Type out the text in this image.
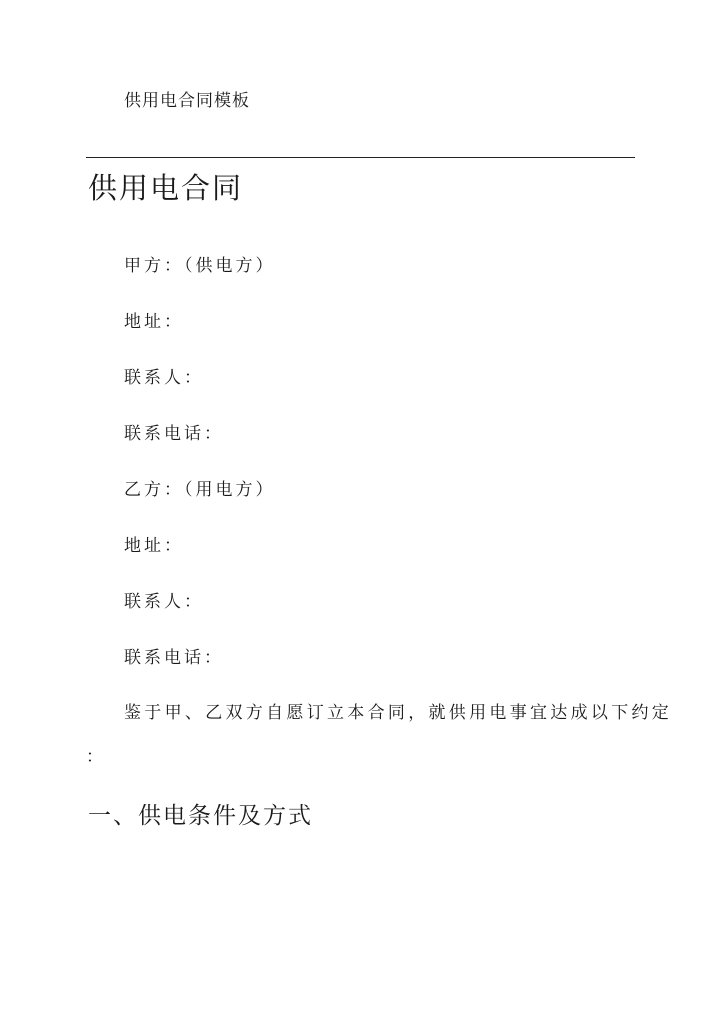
供用电合同模板
供用电合同
甲方：（供电方）
地址：
联系人：
联系电话：
乙方：（用电方）
地址：
联系人：
联系电话：
鉴于甲、乙双方自愿订立本合同，就供用电事宜达成以下约定
：
一、供电条件及方式
